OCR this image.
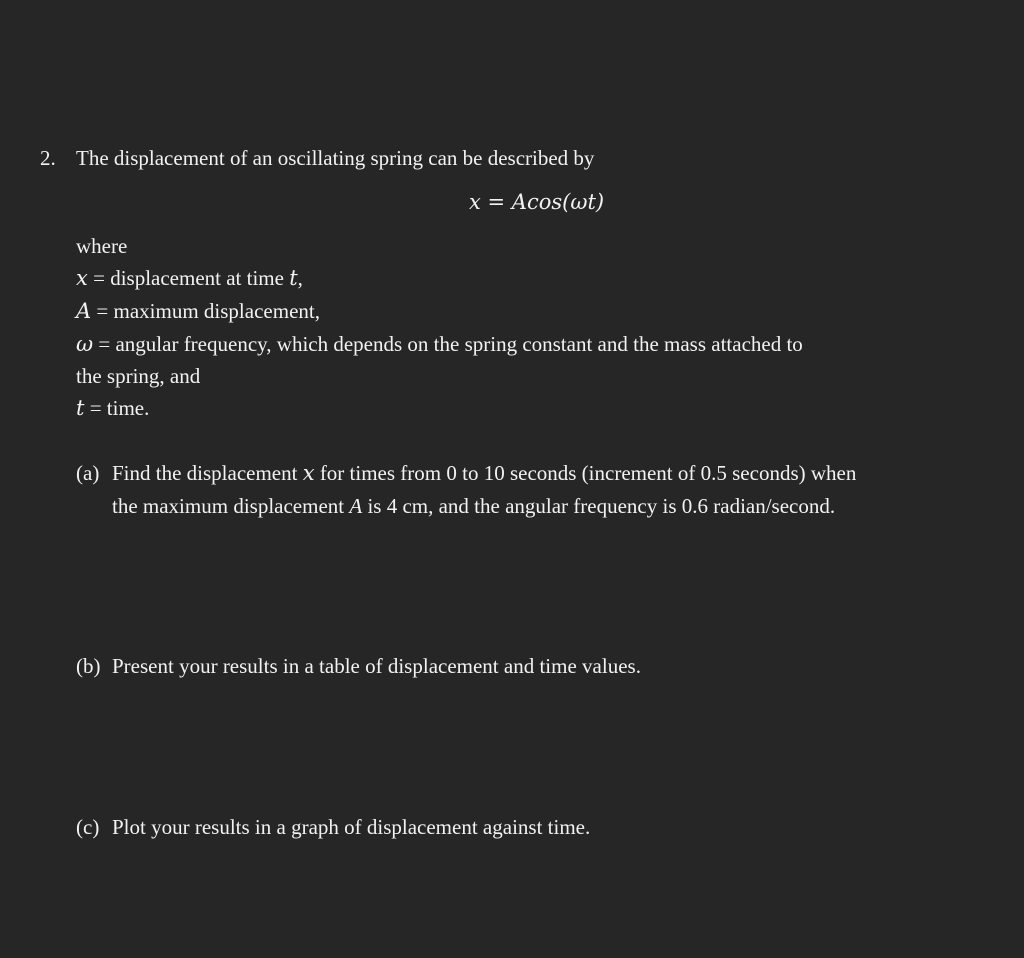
2. The displacement of an oscillating spring can be described by
x = Acos(ωt)
where
x = displacement at time t,
A = maximum displacement,
ω = angular frequency, which depends on the spring constant and the mass attached to
the spring, and
t = time.
(a) Find the displacement x for times from 0 to 10 seconds (increment of 0.5 seconds) when
the maximum displacement A is 4 cm, and the angular frequency is 0.6 radian/second.
(b) Present your results in a table of displacement and time values.
(c) Plot your results in a graph of displacement against time.
